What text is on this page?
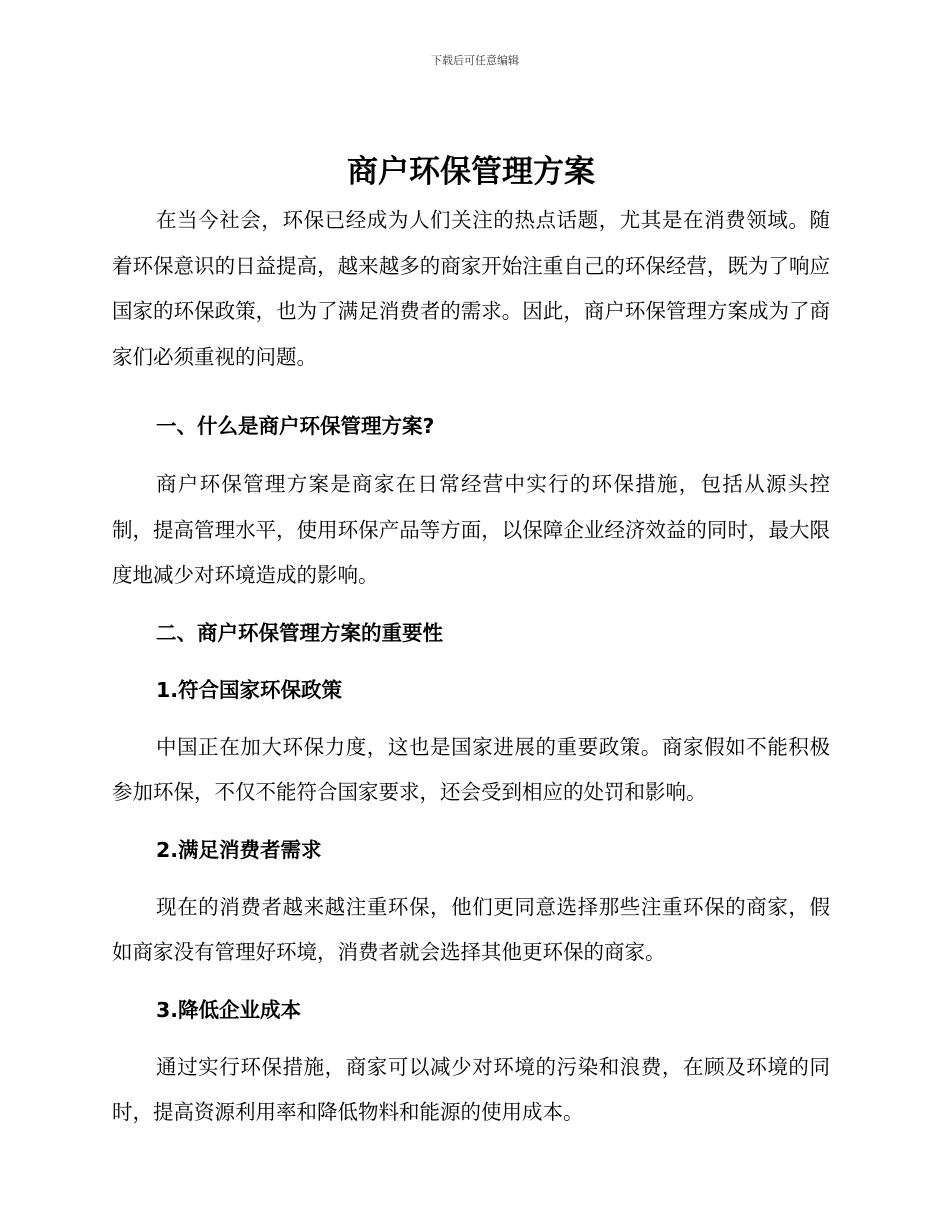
下载后可任意编辑
商户环保管理方案

在当今社会，环保已经成为人们关注的热点话题，尤其是在消费领域。随着环保意识的日益提高，越来越多的商家开始注重自己的环保经营，既为了响应国家的环保政策，也为了满足消费者的需求。因此，商户环保管理方案成为了商家们必须重视的问题。

一、什么是商户环保管理方案?

商户环保管理方案是商家在日常经营中实行的环保措施，包括从源头控制，提高管理水平，使用环保产品等方面，以保障企业经济效益的同时，最大限度地减少对环境造成的影响。

二、商户环保管理方案的重要性
1.符合国家环保政策

中国正在加大环保力度，这也是国家进展的重要政策。商家假如不能积极参加环保，不仅不能符合国家要求，还会受到相应的处罚和影响。

2.满足消费者需求

现在的消费者越来越注重环保，他们更同意选择那些注重环保的商家，假如商家没有管理好环境，消费者就会选择其他更环保的商家。

3.降低企业成本

通过实行环保措施，商家可以减少对环境的污染和浪费，在顾及环境的同时，提高资源利用率和降低物料和能源的使用成本。
